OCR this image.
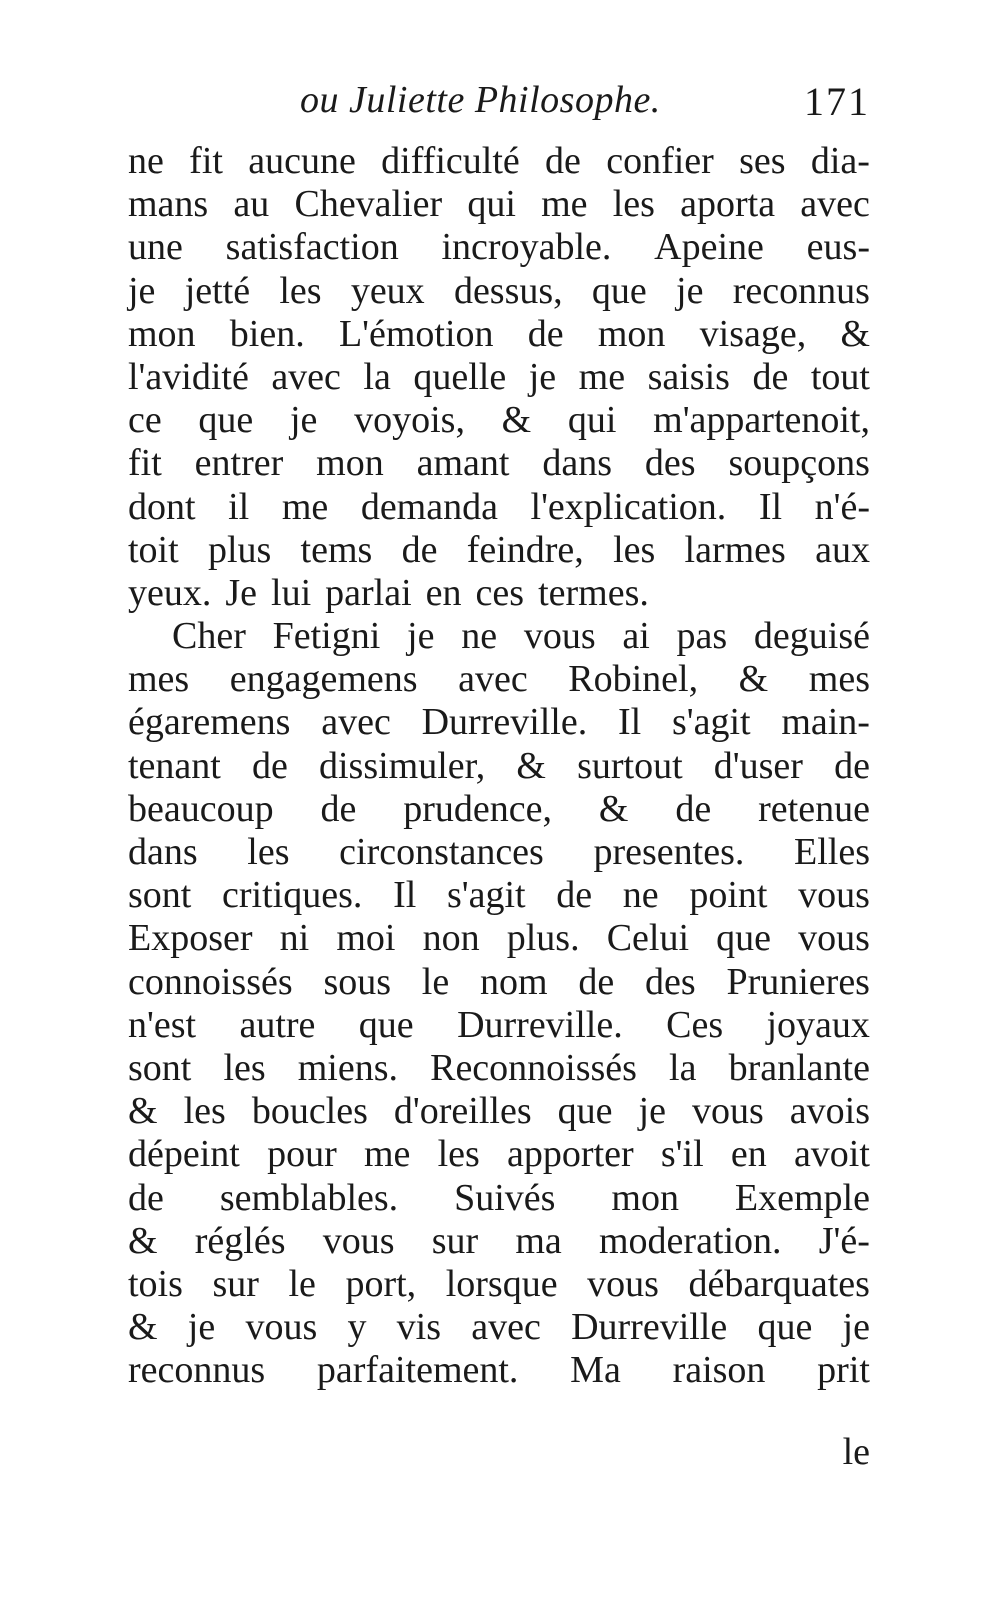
ou Juliette Philosophe.	171
ne fit aucune difficulté de confier ses dia-
mans au Chevalier qui me les aporta avec
une satisfaction incroyable. Apeine eus-
je jetté les yeux dessus, que je reconnus
mon bien. L'émotion de mon visage, &
l'avidité avec la quelle je me saisis de tout
ce que je voyois, & qui m'appartenoit,
fit entrer mon amant dans des soupçons
dont il me demanda l'explication. Il n'é-
toit plus tems de feindre, les larmes aux
yeux. Je lui parlai en ces termes.
Cher Fetigni je ne vous ai pas deguisé
mes engagemens avec Robinel, & mes
égaremens avec Durreville. Il s'agit main-
tenant de dissimuler, & surtout d'user de
beaucoup de prudence, & de retenue
dans les circonstances presentes. Elles
sont critiques. Il s'agit de ne point vous
Exposer ni moi non plus. Celui que vous
connoissés sous le nom de des Prunieres
n'est autre que Durreville. Ces joyaux
sont les miens. Reconnoissés la branlante
& les boucles d'oreilles que je vous avois
dépeint pour me les apporter s'il en avoit
de semblables. Suivés mon Exemple
& réglés vous sur ma moderation. J'é-
tois sur le port, lorsque vous débarquates
& je vous y vis avec Durreville que je
reconnus parfaitement. Ma raison prit
le
